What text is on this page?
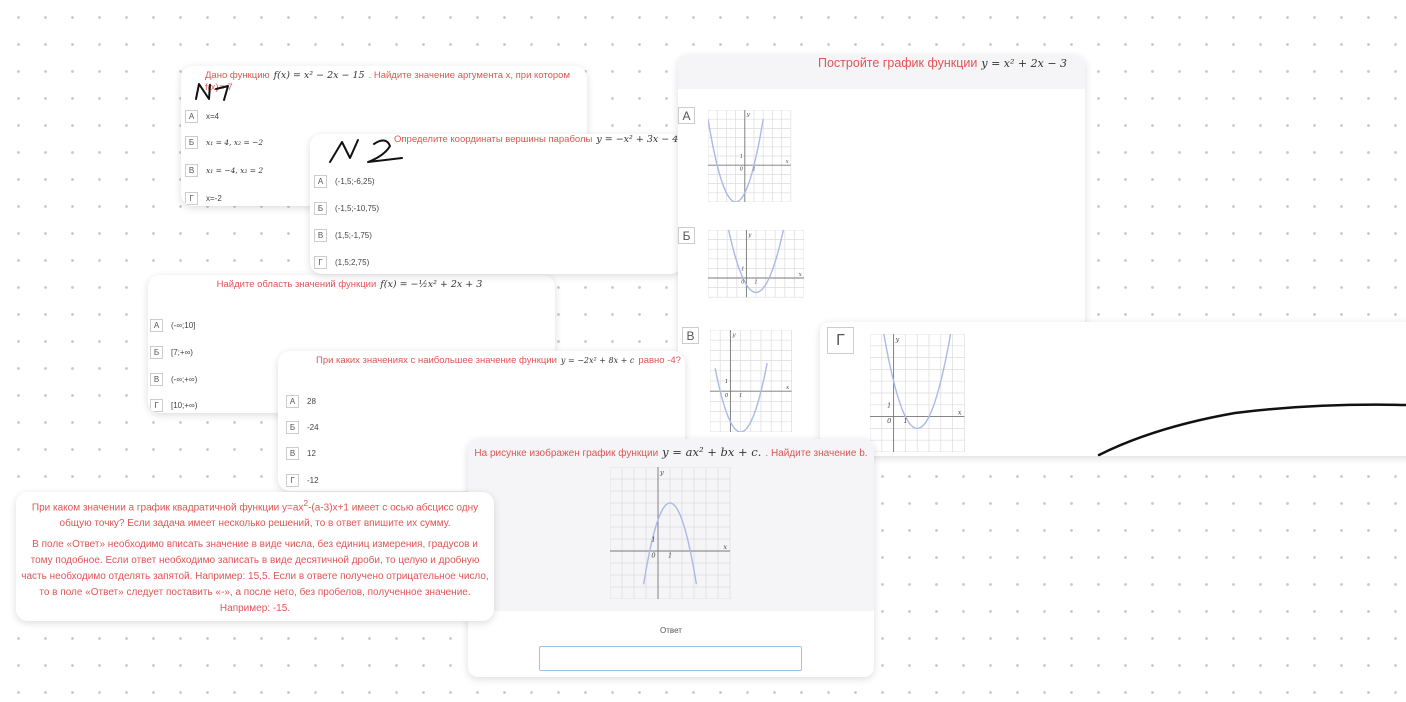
Дано функцию f(x) = x² − 2x − 15 . Найдите значение аргумента x, при котором f(x)=-7
А	x=4
Б	x₁ = 4, x₂ = −2
В	x₁ = −4, x₂ = 2
Г	x=-2
Найдите область значений функции f(x) = −½x² + 2x + 3
А	(-∞;10]
Б	[7;+∞)
В	(-∞;+∞)
Г	[10;+∞)
Определите координаты вершины параболы y = −x² + 3x − 4
А	(-1,5;-6,25)
Б	(-1,5;-10,75)
В	(1,5;-1,75)
Г	(1,5;2,75)
Постройте график функции y = x² + 2x − 3
А	y
x
0 1
1
Б	y
x
0 1
1
В	y
x
0 1
1
При каких значениях с наибольшее значение функции y = −2x² + 8x + c равно -4?
А	28
Б	-24
В	12
Г	-12
Г	y
x
0 1
1
На рисунке изображен график функции y = ax² + bx + c. . Найдите значение b.
y
x
0 1
1
Ответ
При каком значении a график квадратичной функции $y=ax^2-(a-3)x+1$ имеет с осью абсцисс одну общую точку? Если задача имеет несколько решений, то в ответ впишите их сумму.
В поле «Ответ» необходимо вписать значение в виде числа, без единиц измерения, градусов и тому подобное. Если ответ необходимо записать в виде десятичной дроби, то целую и дробную часть необходимо отделять запятой. Например: 15,5. Если в ответе получено отрицательное число, то в поле «Ответ» следует поставить «-», а после него, без пробелов, полученное значение. Например: -15.
